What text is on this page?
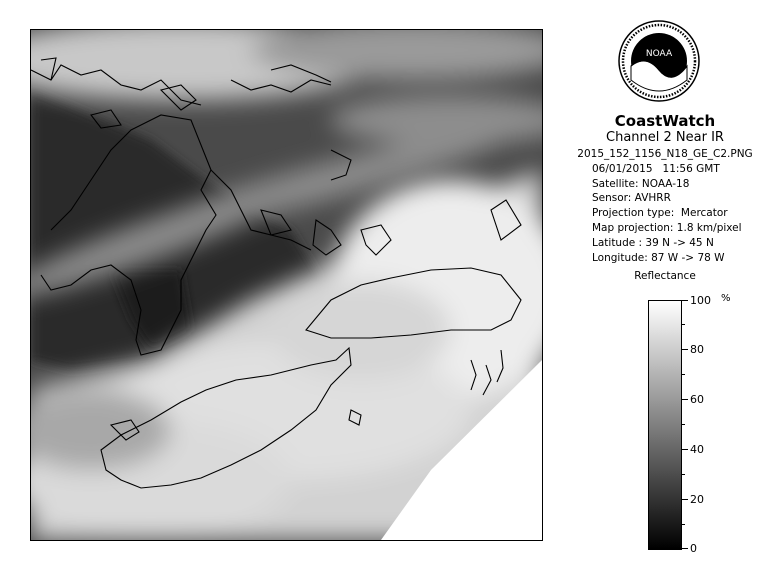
NOAA
CoastWatch
Channel 2 Near IR
2015_152_1156_N18_GE_C2.PNG
06/01/2015   11:56 GMT
Satellite: NOAA-18
Sensor: AVHRR
Projection type:  Mercator
Map projection: 1.8 km/pixel
Latitude : 39 N -> 45 N
Longitude: 87 W -> 78 W
Reflectance
%
100
80
60
40
20
0
